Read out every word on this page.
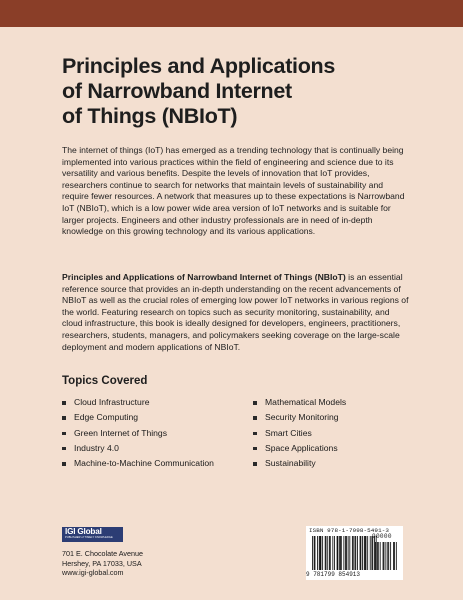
Principles and Applications
of Narrowband Internet
of Things (NBIoT)

The internet of things (IoT) has emerged as a trending technology that is continually being implemented into various practices within the field of engineering and science due to its versatility and various benefits. Despite the levels of innovation that IoT provides, researchers continue to search for networks that maintain levels of sustainability and require fewer resources. A network that measures up to these expectations is Narrowband IoT (NBIoT), which is a low power wide area version of IoT networks and is suitable for larger projects. Engineers and other industry professionals are in need of in-depth knowledge on this growing technology and its various applications.

Principles and Applications of Narrowband Internet of Things (NBIoT) is an essential reference source that provides an in-depth understanding on the recent advancements of NBIoT as well as the crucial roles of emerging low power IoT networks in various regions of the world. Featuring research on topics such as security monitoring, sustainability, and cloud infrastructure, this book is ideally designed for developers, engineers, practitioners, researchers, students, managers, and policymakers seeking coverage on the large-scale deployment and modern applications of NBIoT.

Topics Covered
Cloud Infrastructure
Edge Computing
Green Internet of Things
Industry 4.0
Machine-to-Machine Communication
Mathematical Models
Security Monitoring
Smart Cities
Space Applications
Sustainability
IGI Global
PUBLISHER of TIMELY KNOWLEDGE

701 E. Chocolate Avenue
Hershey, PA 17033, USA
www.igi-global.com

ISBN 978-1-7998-5491-3
90000
9 781799 854913
